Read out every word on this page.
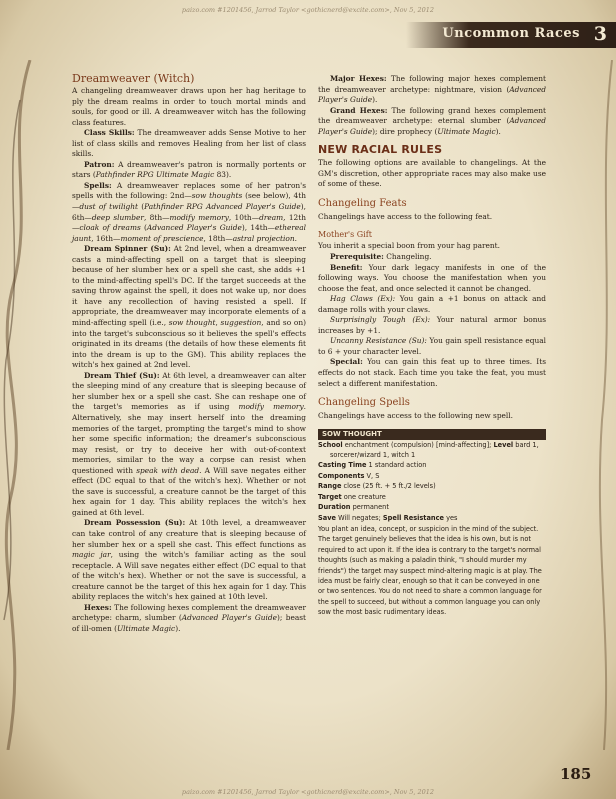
paizo.com #1201456, Jarrod Taylor <gothicnerd@excite.com>, Nov 5, 2012
Uncommon Races 3
Dreamweaver (Witch)

A changeling dreamweaver draws upon her hag heritage to ply the dream realms in order to touch mortal minds and souls, for good or ill. A dreamweaver witch has the following class features.

Class Skills: The dreamweaver adds Sense Motive to her list of class skills and removes Healing from her list of class skills.

Patron: A dreamweaver's patron is normally portents or stars (Pathfinder RPG Ultimate Magic 83).

Spells: A dreamweaver replaces some of her patron's spells with the following: 2nd—sow thoughts (see below), 4th—dust of twilight (Pathfinder RPG Advanced Player's Guide), 6th—deep slumber, 8th—modify memory, 10th—dream, 12th—cloak of dreams (Advanced Player's Guide), 14th—ethereal jaunt, 16th—moment of prescience, 18th—astral projection.

Dream Spinner (Su): At 2nd level, when a dreamweaver casts a mind-affecting spell on a target that is sleeping because of her slumber hex or a spell she cast, she adds +1 to the mind-affecting spell's DC. If the target succeeds at the saving throw against the spell, it does not wake up, nor does it have any recollection of having resisted a spell. If appropriate, the dreamweaver may incorporate elements of a mind-affecting spell (i.e., sow thought, suggestion, and so on) into the target's subconscious so it believes the spell's effects originated in its dreams (the details of how these elements fit into the dream is up to the GM). This ability replaces the witch's hex gained at 2nd level.

Dream Thief (Su): At 6th level, a dreamweaver can alter the sleeping mind of any creature that is sleeping because of her slumber hex or a spell she cast. She can reshape one of the target's memories as if using modify memory. Alternatively, she may insert herself into the dreaming memories of the target, prompting the target's mind to show her some specific information; the dreamer's subconscious may resist, or try to deceive her with out-of-context memories, similar to the way a corpse can resist when questioned with speak with dead. A Will save negates either effect (DC equal to that of the witch's hex). Whether or not the save is successful, a creature cannot be the target of this hex again for 1 day. This ability replaces the witch's hex gained at 6th level.

Dream Possession (Su): At 10th level, a dreamweaver can take control of any creature that is sleeping because of her slumber hex or a spell she cast. This effect functions as magic jar, using the witch's familiar acting as the soul receptacle. A Will save negates either effect (DC equal to that of the witch's hex). Whether or not the save is successful, a creature cannot be the target of this hex again for 1 day. This ability replaces the witch's hex gained at 10th level.

Hexes: The following hexes complement the dreamweaver archetype: charm, slumber (Advanced Player's Guide); beast of ill-omen (Ultimate Magic).

Major Hexes: The following major hexes complement the dreamweaver archetype: nightmare, vision (Advanced Player's Guide).

Grand Hexes: The following grand hexes complement the dreamweaver archetype: eternal slumber (Advanced Player's Guide); dire prophecy (Ultimate Magic).

NEW RACIAL RULES

The following options are available to changelings. At the GM's discretion, other appropriate races may also make use of some of these.

Changeling Feats

Changelings have access to the following feat.

Mother's Gift

You inherit a special boon from your hag parent.

Prerequisite: Changeling.

Benefit: Your dark legacy manifests in one of the following ways. You choose the manifestation when you choose the feat, and once selected it cannot be changed.

Hag Claws (Ex): You gain a +1 bonus on attack and damage rolls with your claws.

Surprisingly Tough (Ex): Your natural armor bonus increases by +1.

Uncanny Resistance (Su): You gain spell resistance equal to 6 + your character level.

Special: You can gain this feat up to three times. Its effects do not stack. Each time you take the feat, you must select a different manifestation.

Changeling Spells

Changelings have access to the following new spell.

SOW THOUGHT
School enchantment (compulsion) [mind-affecting]; Level bard 1,
sorcerer/wizard 1, witch 1
Casting Time 1 standard action
Components V, S
Range close (25 ft. + 5 ft./2 levels)
Target one creature
Duration permanent
Save Will negates; Spell Resistance yes
You plant an idea, concept, or suspicion in the mind of the subject. The target genuinely believes that the idea is his own, but is not required to act upon it. If the idea is contrary to the target's normal thoughts (such as making a paladin think, "I should murder my friends") the target may suspect mind-altering magic is at play. The idea must be fairly clear, enough so that it can be conveyed in one or two sentences. You do not need to share a common language for the spell to succeed, but without a common language you can only sow the most basic rudimentary ideas.
185
paizo.com #1201456, Jarrod Taylor <gothicnerd@excite.com>, Nov 5, 2012
